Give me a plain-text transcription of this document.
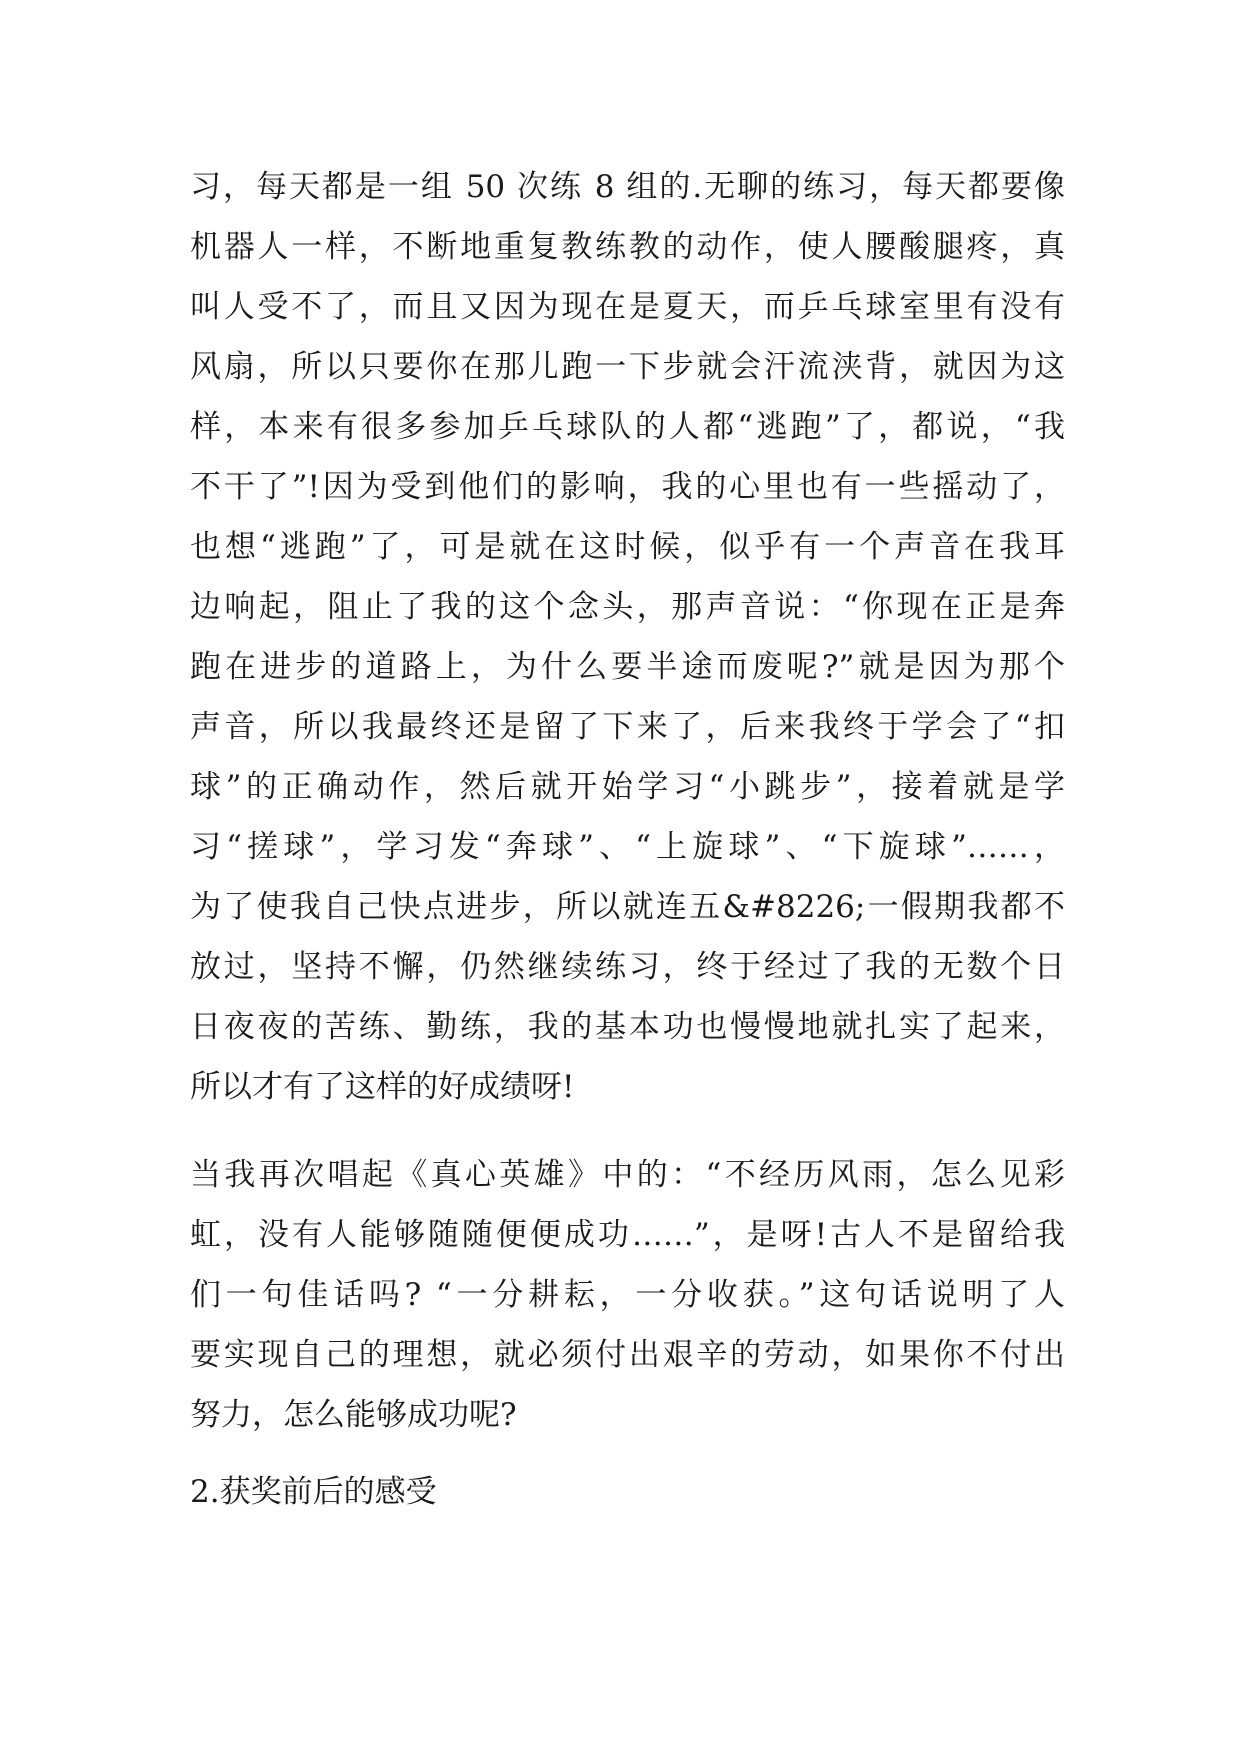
习，每天都是一组 50 次练 8 组的.无聊的练习，每天都要像
机器人一样，不断地重复教练教的动作，使人腰酸腿疼，真
叫人受不了，而且又因为现在是夏天，而乒乓球室里有没有
风扇，所以只要你在那儿跑一下步就会汗流浃背，就因为这
样，本来有很多参加乒乓球队的人都“逃跑”了，都说，“我
不干了”!因为受到他们的影响，我的心里也有一些摇动了，
也想“逃跑”了，可是就在这时候，似乎有一个声音在我耳
边响起，阻止了我的这个念头，那声音说：“你现在正是奔
跑在进步的道路上，为什么要半途而废呢?”就是因为那个
声音，所以我最终还是留了下来了，后来我终于学会了“扣
球”的正确动作，然后就开始学习“小跳步”，接着就是学
习“搓球”，学习发“奔球”、“上旋球”、“下旋球”……，
为了使我自己快点进步，所以就连五&#8226;一假期我都不
放过，坚持不懈，仍然继续练习，终于经过了我的无数个日
日夜夜的苦练、勤练，我的基本功也慢慢地就扎实了起来，
所以才有了这样的好成绩呀!
当我再次唱起《真心英雄》中的：“不经历风雨，怎么见彩
虹，没有人能够随随便便成功……”，是呀!古人不是留给我
们一句佳话吗? “一分耕耘，一分收获。”这句话说明了人
要实现自己的理想，就必须付出艰辛的劳动，如果你不付出
努力，怎么能够成功呢?
2.获奖前后的感受
